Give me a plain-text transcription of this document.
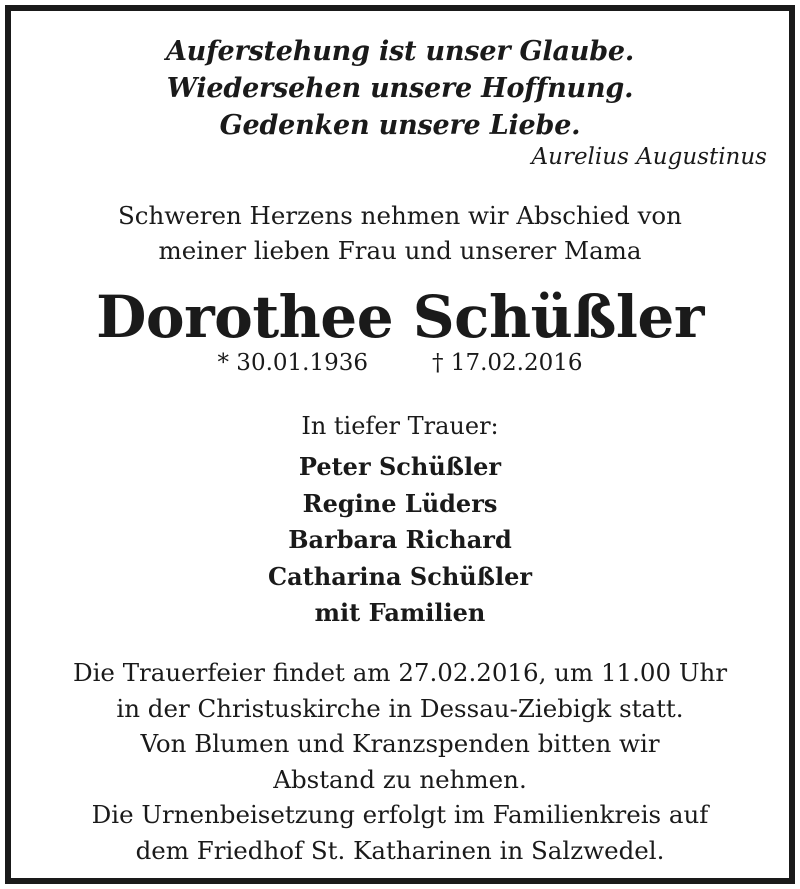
Auferstehung ist unser Glaube.
Wiedersehen unsere Hoffnung.
Gedenken unsere Liebe.
Aurelius Augustinus
Schweren Herzens nehmen wir Abschied von
meiner lieben Frau und unserer Mama
Dorothee Schüßler
* 30.01.1936	† 17.02.2016
In tiefer Trauer:
Peter Schüßler
Regine Lüders
Barbara Richard
Catharina Schüßler
mit Familien
Die Trauerfeier findet am 27.02.2016, um 11.00 Uhr
in der Christuskirche in Dessau-Ziebigk statt.
Von Blumen und Kranzspenden bitten wir
Abstand zu nehmen.
Die Urnenbeisetzung erfolgt im Familienkreis auf
dem Friedhof St. Katharinen in Salzwedel.
